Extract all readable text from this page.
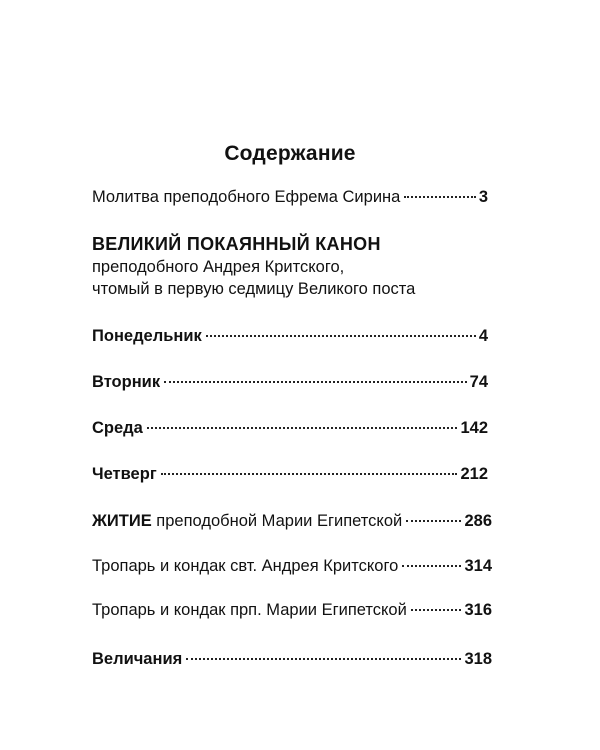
Содержание
Молитва преподобного Ефрема Сирина	3
ВЕЛИКИЙ ПОКАЯННЫЙ КАНОН
преподобного Андрея Критского,
чтомый в первую седмицу Великого поста
Понедельник	4
Вторник	74
Среда	142
Четверг	212
ЖИТИЕ преподобной Марии Египетской	286
Тропарь и кондак свт. Андрея Критского	314
Тропарь и кондак прп. Марии Египетской	316
Величания	318
